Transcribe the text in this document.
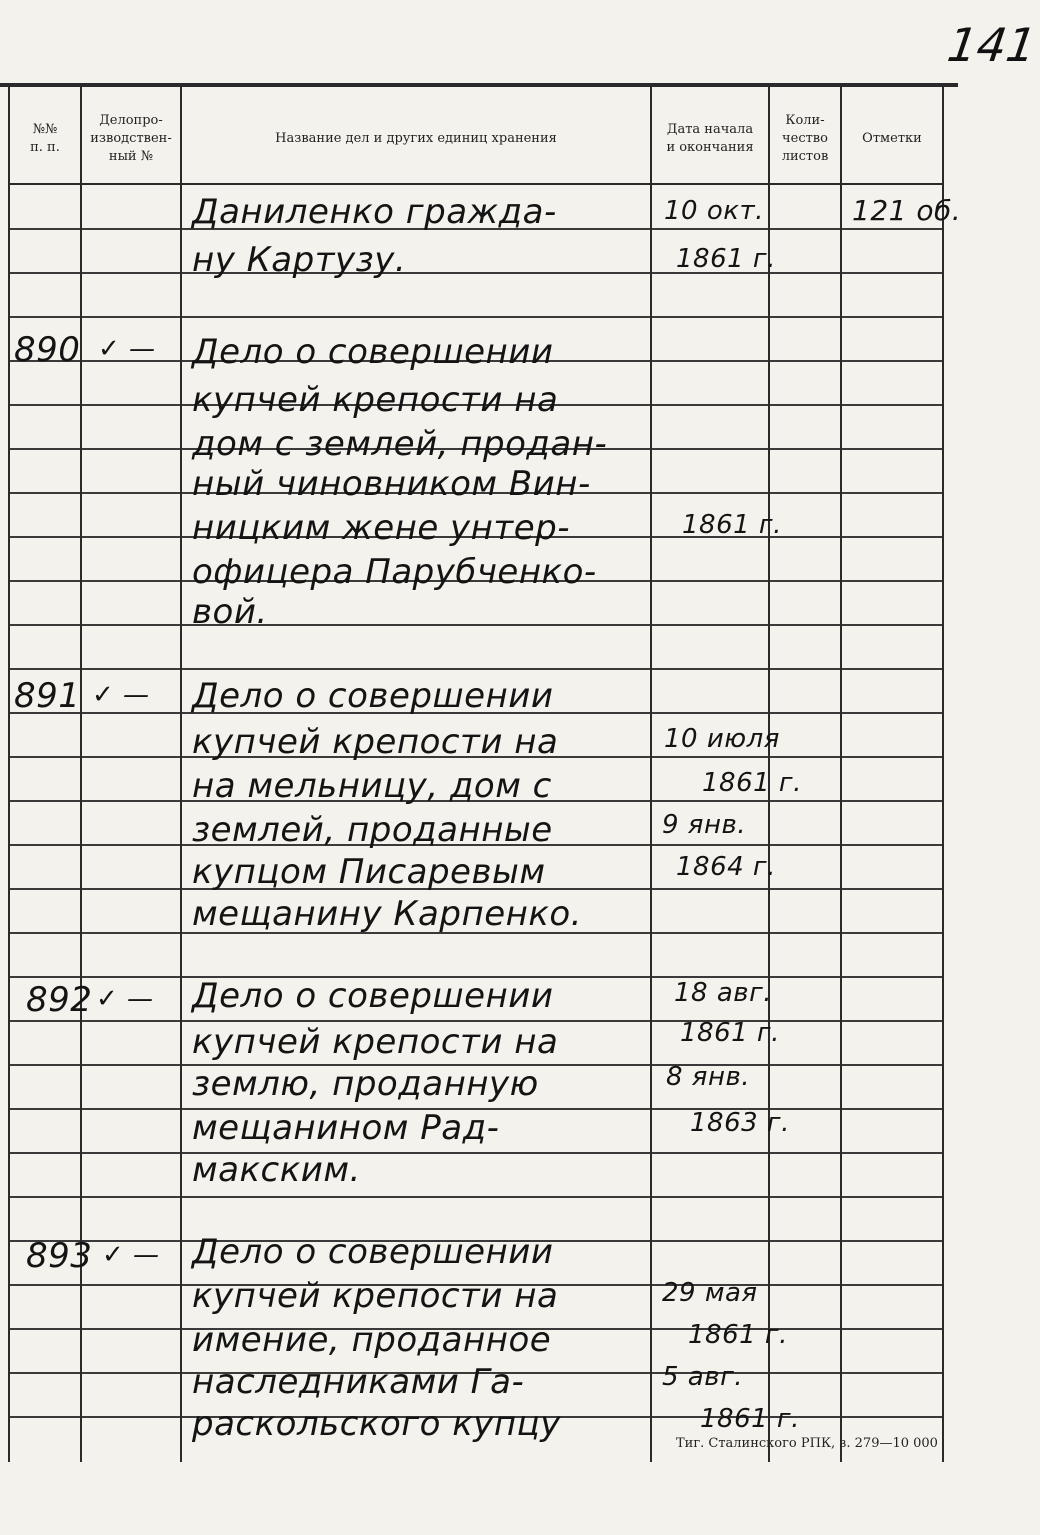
141
№№
п. п.
Делопро-
изводствен-
ный №
Название дел и других единиц хранения
Дата начала
и окончания
Коли-
чество
листов
Отметки
Даниленко гражда-
ну Картузу.
10 окт.
1861 г.
121 об.
890 ✓ — Дело о совершении
купчей крепости на
дом с землей, продан-
ный чиновником Вин-
ницким жене унтер-
офицера Парубченко-
вой.
1861 г.
891 ✓ — Дело о совершении
купчей крепости на
на мельницу, дом с
землей, проданные
купцом Писаревым
мещанину Карпенко.
10 июля
1861 г.
9 янв.
1864 г.
892 ✓ — Дело о совершении
купчей крепости на
землю, проданную
мещанином Рад-
макским.
18 авг.
1861 г.
8 янв.
1863 г.
893 ✓ — Дело о совершении
купчей крепости на
имение, проданное
наследниками Га-
раскольского купцу
29 мая
1861 г.
5 авг.
1861 г.
Тиг. Сталинского РПК, з. 279—10 000
